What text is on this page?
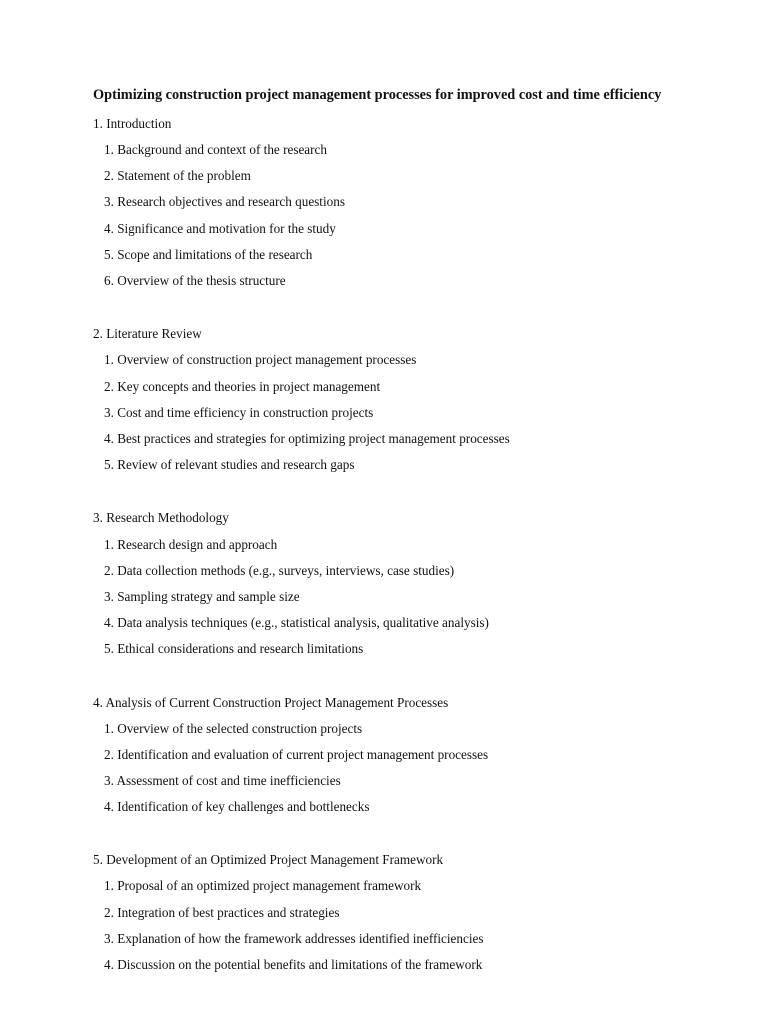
Optimizing construction project management processes for improved cost and time efficiency
1. Introduction
1. Background and context of the research
2. Statement of the problem
3. Research objectives and research questions
4. Significance and motivation for the study
5. Scope and limitations of the research
6. Overview of the thesis structure
2. Literature Review
1. Overview of construction project management processes
2. Key concepts and theories in project management
3. Cost and time efficiency in construction projects
4. Best practices and strategies for optimizing project management processes
5. Review of relevant studies and research gaps
3. Research Methodology
1. Research design and approach
2. Data collection methods (e.g., surveys, interviews, case studies)
3. Sampling strategy and sample size
4. Data analysis techniques (e.g., statistical analysis, qualitative analysis)
5. Ethical considerations and research limitations
4. Analysis of Current Construction Project Management Processes
1. Overview of the selected construction projects
2. Identification and evaluation of current project management processes
3. Assessment of cost and time inefficiencies
4. Identification of key challenges and bottlenecks
5. Development of an Optimized Project Management Framework
1. Proposal of an optimized project management framework
2. Integration of best practices and strategies
3. Explanation of how the framework addresses identified inefficiencies
4. Discussion on the potential benefits and limitations of the framework
